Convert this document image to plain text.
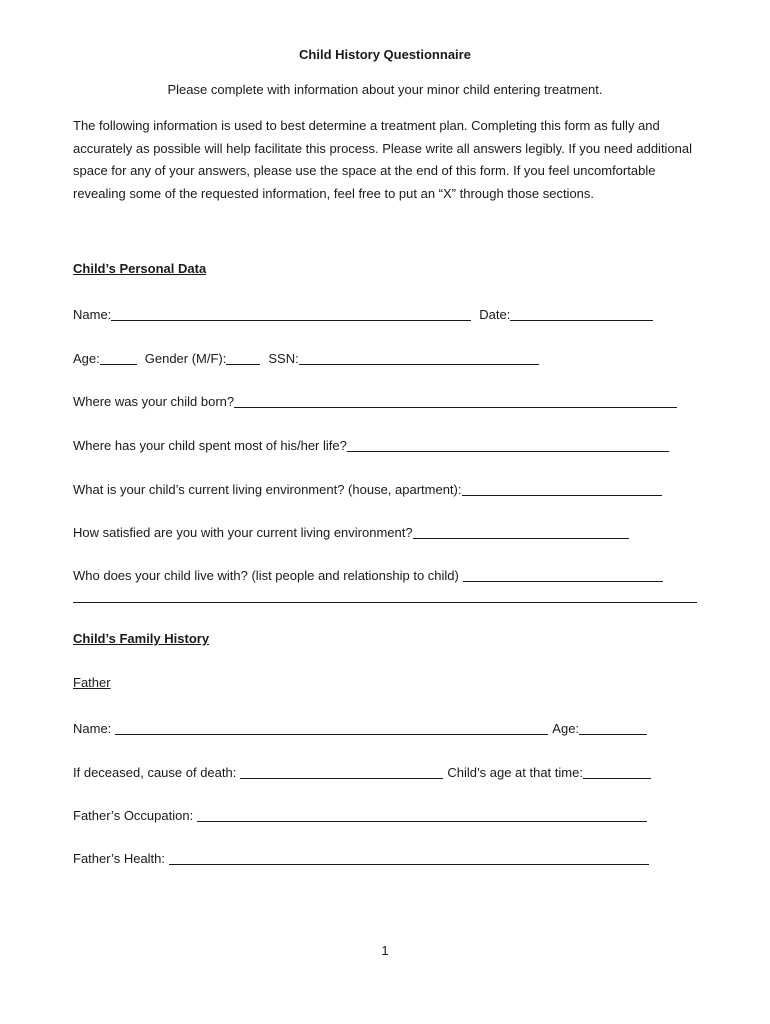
Child History Questionnaire
Please complete with information about your minor child entering treatment.
The following information is used to best determine a treatment plan. Completing this form as fully and accurately as possible will help facilitate this process. Please write all answers legibly. If you need additional space for any of your answers, please use the space at the end of this form. If you feel uncomfortable revealing some of the requested information, feel free to put an “X” through those sections.
Child’s Personal Data
Name:	Date:
Age:	Gender (M/F):	SSN:
Where was your child born?
Where has your child spent most of his/her life?
What is your child’s current living environment? (house, apartment):
How satisfied are you with your current living environment?
Who does your child live with? (list people and relationship to child)
Child’s Family History
Father
Name:	Age:
If deceased, cause of death:	Child’s age at that time:
Father’s Occupation:
Father’s Health:
1
